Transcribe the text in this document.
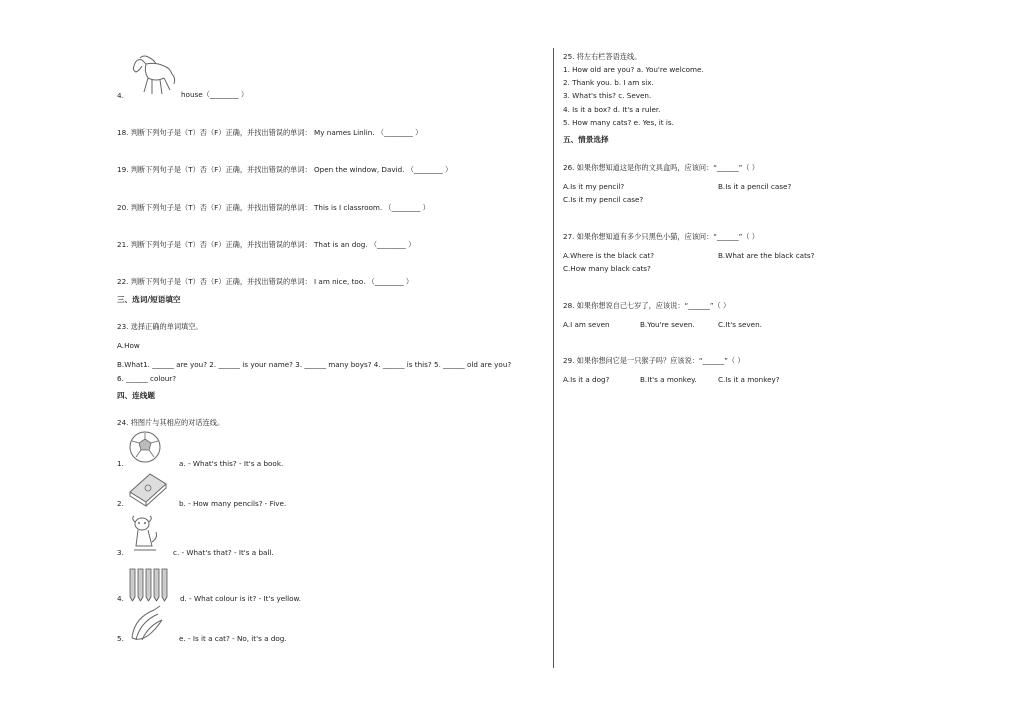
4.	house（________ ）
18. 判断下列句子是（T）否（F）正确，并找出错误的单词： My names Linlin. （________ ）
19. 判断下列句子是（T）否（F）正确，并找出错误的单词： Open the window, David. （________ ）
20. 判断下列句子是（T）否（F）正确，并找出错误的单词： This is I classroom. （________ ）
21. 判断下列句子是（T）否（F）正确，并找出错误的单词： That is an dog. （________ ）
22. 判断下列句子是（T）否（F）正确，并找出错误的单词： I am nice, too. （________ ）
三、选词/短语填空
23. 选择正确的单词填空。
A.How
B.What1. ______ are you? 2. ______ is your name? 3. ______ many boys? 4. ______ is this? 5. ______ old are you?
6. ______ colour?
四、连线题
24. 将图片与其相应的对话连线。
1.	a. - What's this? - It's a book.
2.	b. - How many pencils? - Five.
3.	c. - What's that? - It's a ball.
4.	d. - What colour is it? - It's yellow.
5.	e. - Is it a cat? - No, it's a dog.
25. 将左右栏答语连线。
1. How old are you? a. You're welcome.
2. Thank you. b. I am six.
3. What's this? c. Seven.
4. Is it a box? d. It's a ruler.
5. How many cats? e. Yes, it is.
五、情景选择
26. 如果你想知道这是你的文具盒吗，应该问：“______”（ ）
A.Is it my pencil?	B.Is it a pencil case?
C.Is it my pencil case?
27. 如果你想知道有多少只黑色小猫，应该问：“______”（ ）
A.Where is the black cat?	B.What are the black cats?
C.How many black cats?
28. 如果你想说自己七岁了，应该说：“______”（ ）
A.I am seven	B.You're seven.	C.It's seven.
29. 如果你想问它是一只猴子吗？应该说：“______”（ ）
A.Is it a dog?	B.It's a monkey.	C.Is it a monkey?
